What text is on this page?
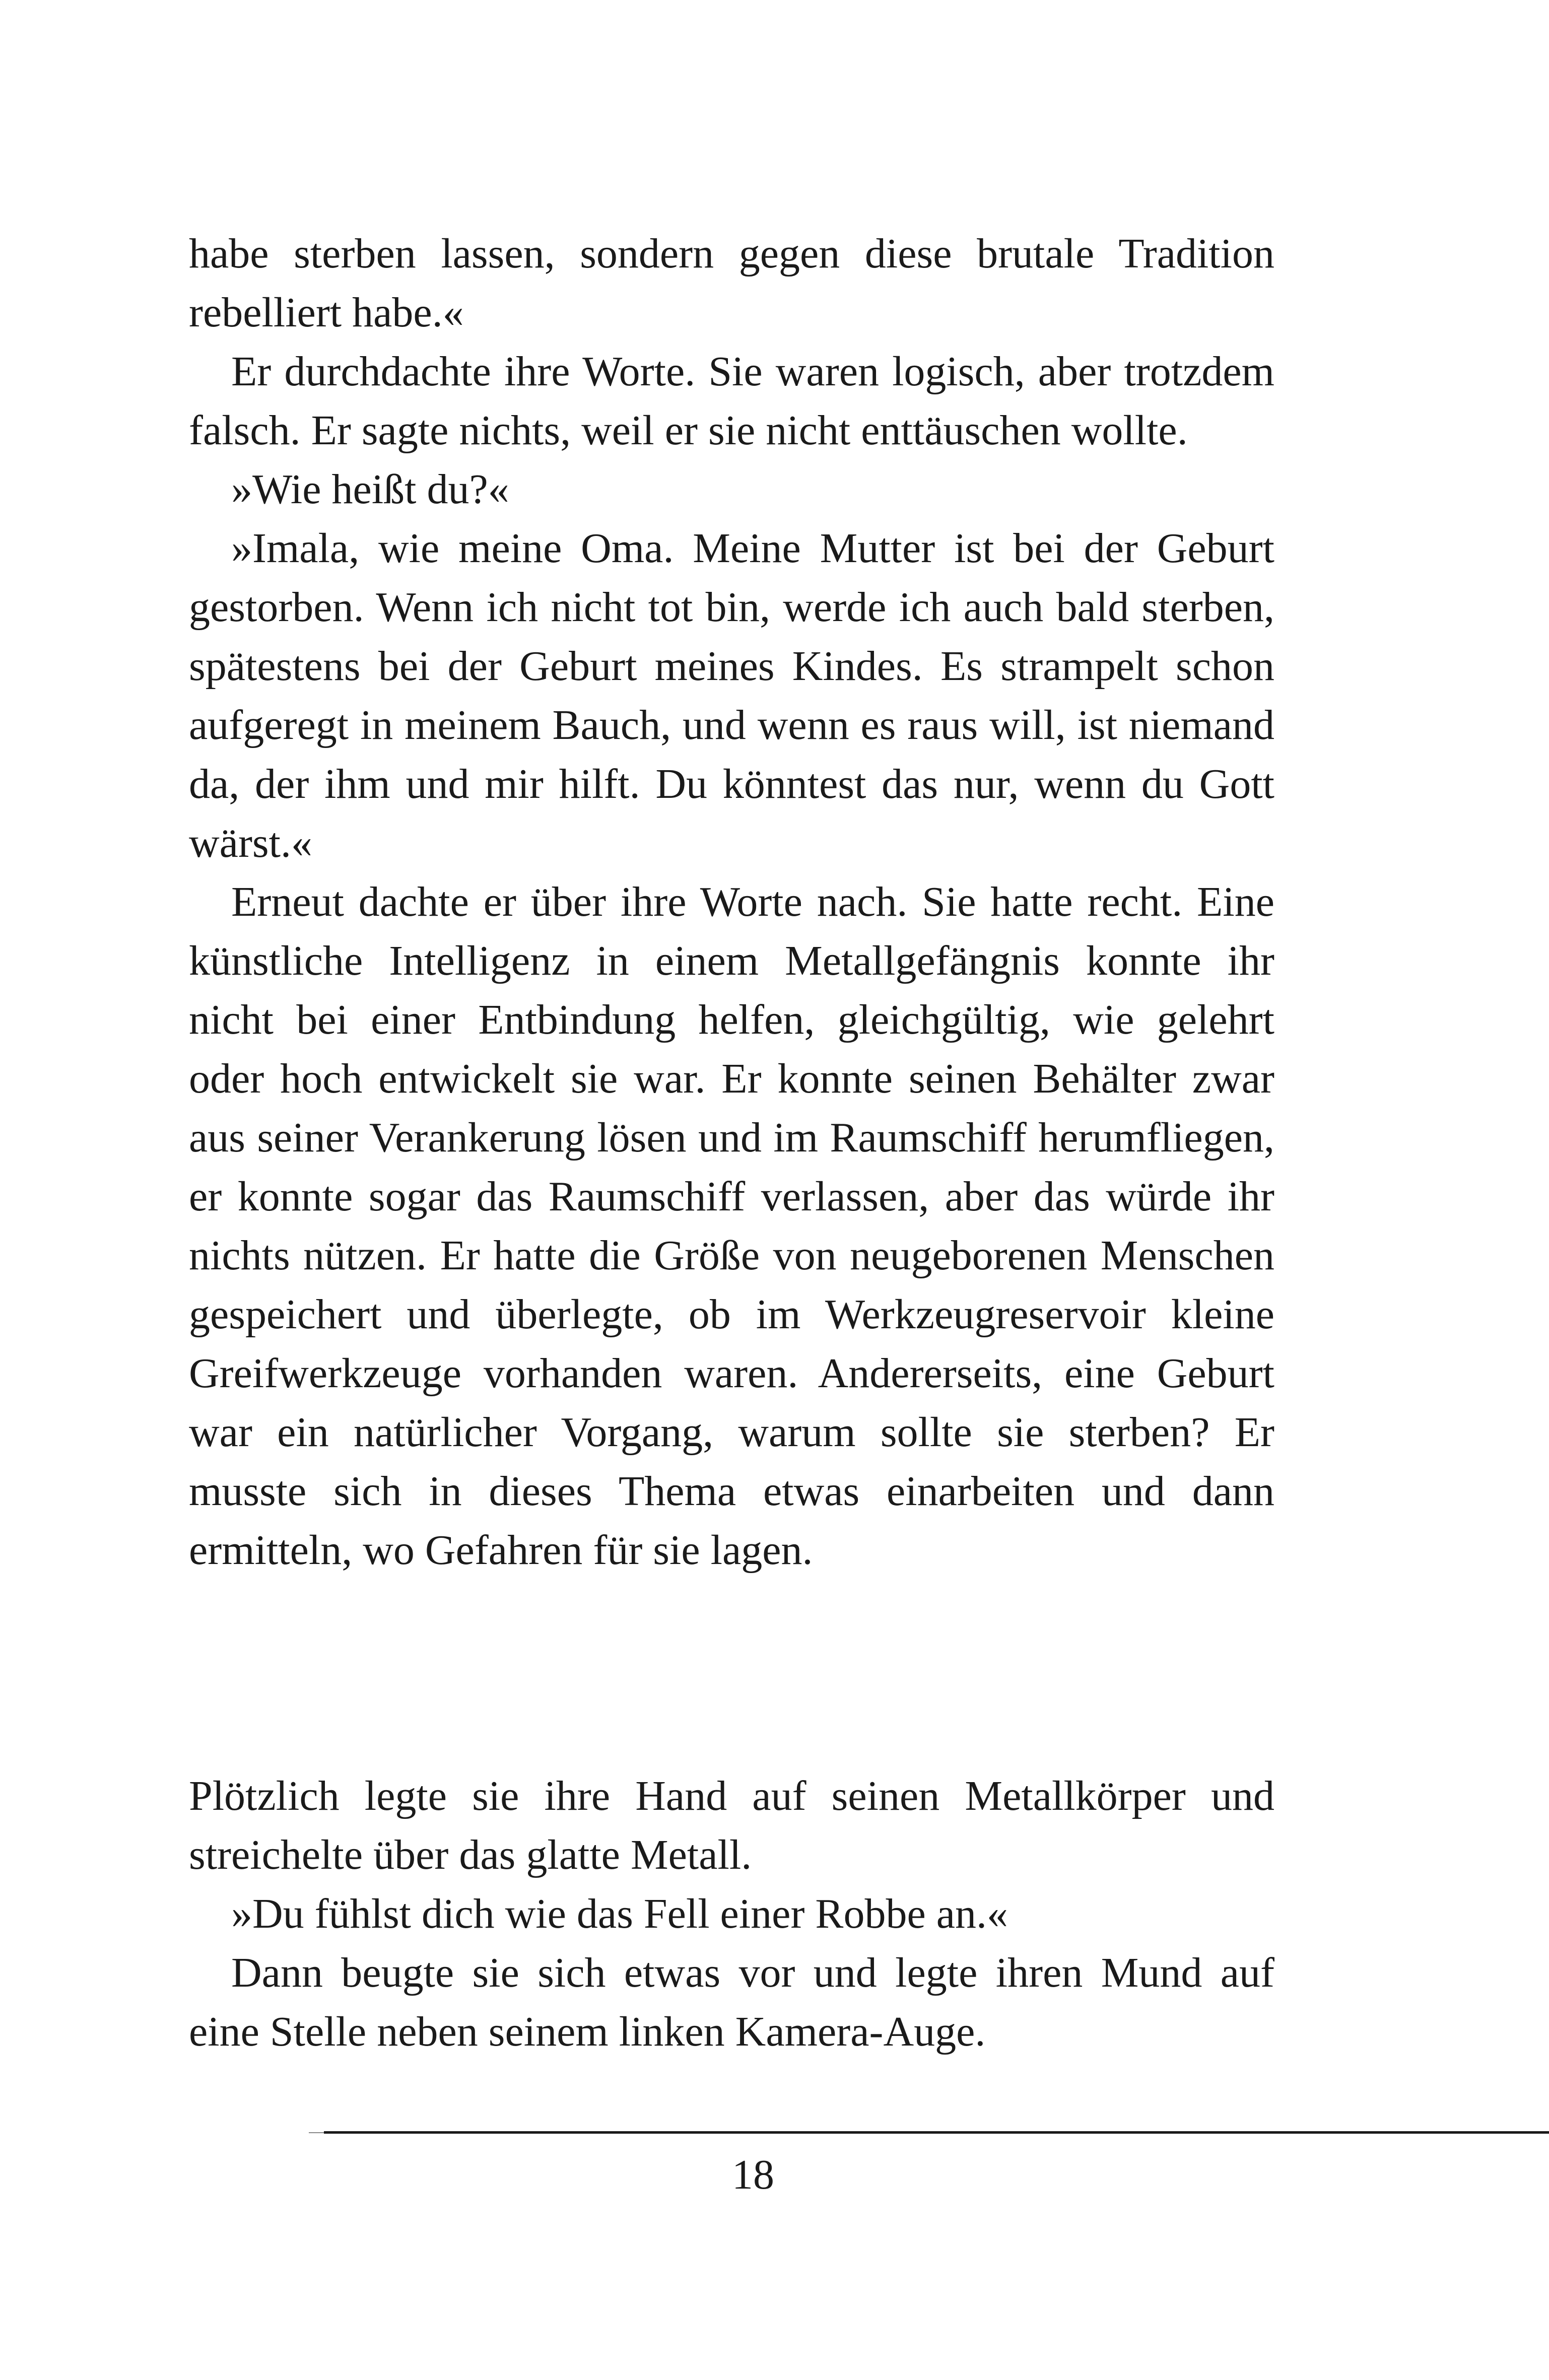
habe sterben lassen, sondern gegen diese brutale Tradition rebelliert habe.«

Er durchdachte ihre Worte. Sie waren logisch, aber trotzdem falsch. Er sagte nichts, weil er sie nicht enttäuschen wollte.

»Wie heißt du?«

»Imala, wie meine Oma. Meine Mutter ist bei der Geburt gestorben. Wenn ich nicht tot bin, werde ich auch bald sterben, spätestens bei der Geburt meines Kindes. Es strampelt schon aufgeregt in meinem Bauch, und wenn es raus will, ist niemand da, der ihm und mir hilft. Du könntest das nur, wenn du Gott wärst.«

Erneut dachte er über ihre Worte nach. Sie hatte recht. Eine künstliche Intelligenz in einem Metallgefängnis konnte ihr nicht bei einer Entbindung helfen, gleichgültig, wie gelehrt oder hoch entwickelt sie war. Er konnte seinen Behälter zwar aus seiner Verankerung lösen und im Raumschiff herumfliegen, er konnte sogar das Raumschiff verlassen, aber das würde ihr nichts nützen. Er hatte die Größe von neugeborenen Menschen gespeichert und überlegte, ob im Werkzeugreservoir kleine Greifwerkzeuge vorhanden waren. Andererseits, eine Geburt war ein natürlicher Vorgang, warum sollte sie sterben? Er musste sich in dieses Thema etwas einarbeiten und dann ermitteln, wo Gefahren für sie lagen.

Plötzlich legte sie ihre Hand auf seinen Metallkörper und streichelte über das glatte Metall.

»Du fühlst dich wie das Fell einer Robbe an.«

Dann beugte sie sich etwas vor und legte ihren Mund auf eine Stelle neben seinem linken Kamera-Auge.

18
